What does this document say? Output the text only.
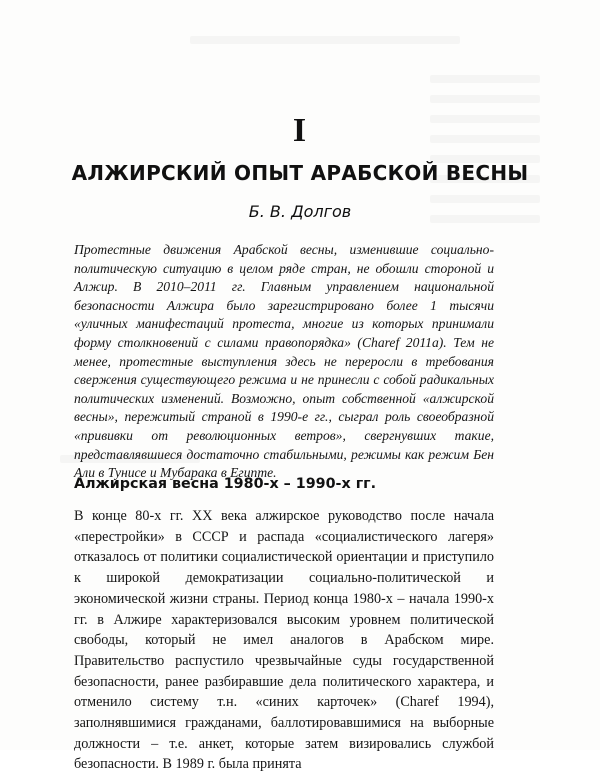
I
АЛЖИРСКИЙ ОПЫТ АРАБСКОЙ ВЕСНЫ
Б. В. Долгов

Протестные движения Арабской весны, изменившие социально-политическую ситуацию в целом ряде стран, не обошли стороной и Алжир. В 2010–2011 гг. Главным управлением национальной безопасности Алжира было зарегистрировано более 1 тысячи «уличных манифестаций протеста, многие из которых принимали форму столкновений с силами правопорядка» (Charef 2011a). Тем не менее, протестные выступления здесь не переросли в требования свержения существующего режима и не принесли с собой радикальных политических изменений. Возможно, опыт собственной «алжирской весны», пережитый страной в 1990-е гг., сыграл роль своеобразной «прививки от революционных ветров», свергнувших такие, представлявшиеся достаточно стабильными, режимы как режим Бен Али в Тунисе и Мубарака в Египте.

Алжирская весна 1980-х – 1990-х гг.

В конце 80-х гг. XX века алжирское руководство после начала «перестройки» в СССР и распада «социалистического лагеря» отказалось от политики социалистической ориентации и приступило к широкой демократизации социально-политической и экономической жизни страны. Период конца 1980-х – начала 1990-х гг. в Алжире характеризовался высоким уровнем политической свободы, который не имел аналогов в Арабском мире. Правительство распустило чрезвычайные суды государственной безопасности, ранее разбиравшие дела политического характера, и отменило систему т.н. «синих карточек» (Charef 1994), заполнявшимися гражданами, баллотировавшимися на выборные должности – т.е. анкет, которые затем визировались службой безопасности. В 1989 г. была принята
